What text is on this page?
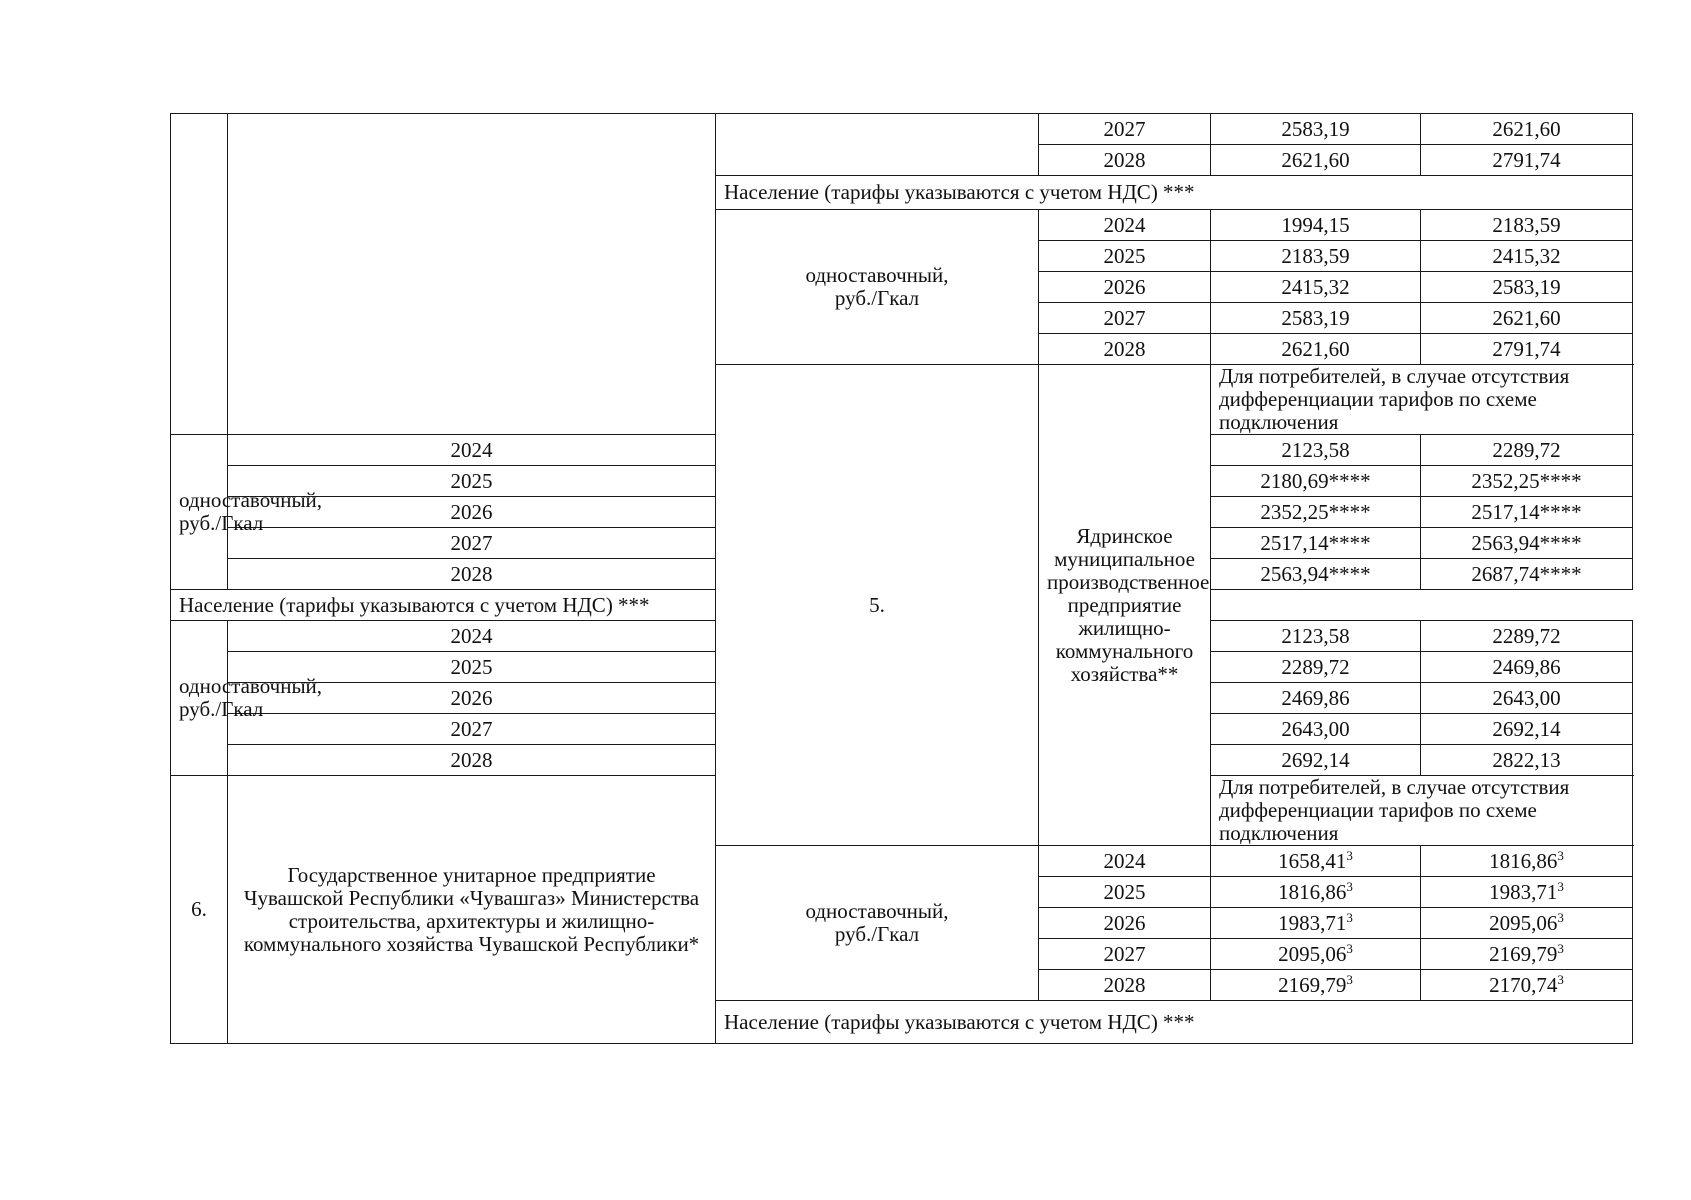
			2027	2583,19	2621,60
			2028	2621,60	2791,74
		Население (тарифы указываются с учетом НДС) ***			
		одноставочный,
руб./Гкал	2024	1994,15	2183,59
			2025	2183,59	2415,32
			2026	2415,32	2583,19
			2027	2583,19	2621,60
			2028	2621,60	2791,74
		5.	Ядринское муниципальное производственное предприятие жилищно-коммунального хозяйства**	Для потребителей, в случае отсутствия дифференциации тарифов по схеме подключения	
одноставочный,
руб./Гкал	2024			2123,58	2289,72
	2025			2180,69****	2352,25****
	2026			2352,25****	2517,14****
	2027			2517,14****	2563,94****
	2028			2563,94****	2687,74****
Население (тарифы указываются с учетом НДС) ***					
одноставочный,
руб./Гкал	2024			2123,58	2289,72
	2025			2289,72	2469,86
	2026			2469,86	2643,00
	2027			2643,00	2692,14
	2028			2692,14	2822,13
6.	Государственное унитарное предприятие Чувашской Республики «Чувашгаз» Министерства строительства, архитектуры и жилищно-коммунального хозяйства Чувашской Республики*			Для потребителей, в случае отсутствия дифференциации тарифов по схеме подключения	
		одноставочный,
руб./Гкал	2024	1658,41$^3$	1816,86$^3$
			2025	1816,86$^3$	1983,71$^3$
			2026	1983,71$^3$	2095,06$^3$
			2027	2095,06$^3$	2169,79$^3$
			2028	2169,79$^3$	2170,74$^3$
		Население (тарифы указываются с учетом НДС) ***			
